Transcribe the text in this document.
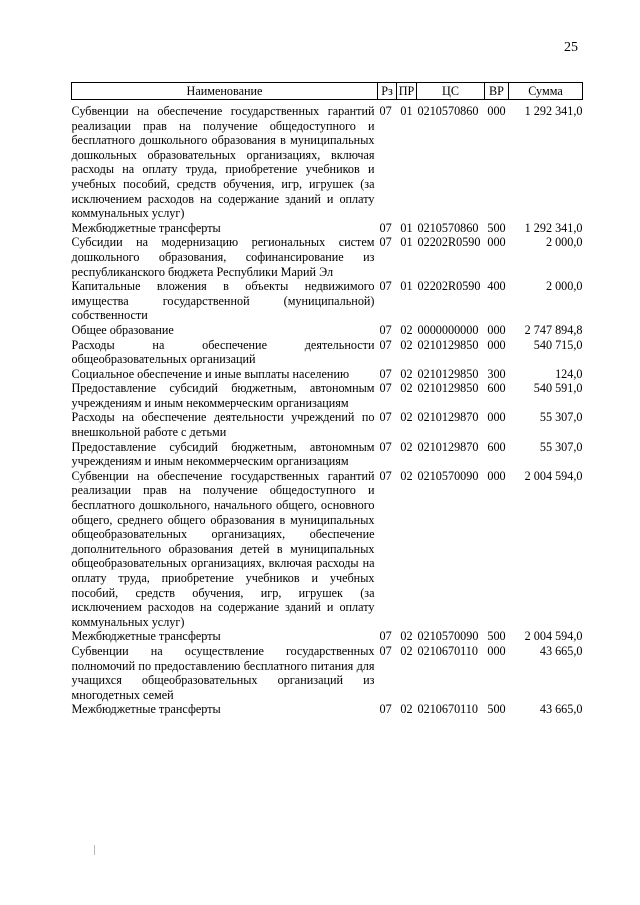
25
Наименование	Рз	ПР	ЦС	ВР	Сумма
Субвенции на обеспечение государственных гарантий реализации прав на получение общедоступного и бесплатного дошкольного образования в муниципальных дошкольных образовательных организациях, включая расходы на оплату труда, приобретение учебников и учебных пособий, средств обучения, игр, игрушек (за исключением расходов на содержание зданий и оплату коммунальных услуг)	07	01	0210570860	000	1 292 341,0
Межбюджетные трансферты	07	01	0210570860	500	1 292 341,0
Субсидии на модернизацию региональных систем дошкольного образования, софинансирование из республиканского бюджета Республики Марий Эл	07	01	02202R0590	000	2 000,0
Капитальные вложения в объекты недвижимого имущества государственной (муниципальной) собственности	07	01	02202R0590	400	2 000,0
Общее образование	07	02	0000000000	000	2 747 894,8
Расходы на обеспечение деятельности общеобразовательных организаций	07	02	0210129850	000	540 715,0
Социальное обеспечение и иные выплаты населению	07	02	0210129850	300	124,0
Предоставление субсидий бюджетным, автономным учреждениям и иным некоммерческим организациям	07	02	0210129850	600	540 591,0
Расходы на обеспечение деятельности учреждений по внешкольной работе с детьми	07	02	0210129870	000	55 307,0
Предоставление субсидий бюджетным, автономным учреждениям и иным некоммерческим организациям	07	02	0210129870	600	55 307,0
Субвенции на обеспечение государственных гарантий реализации прав на получение общедоступного и бесплатного дошкольного, начального общего, основного общего, среднего общего образования в муниципальных общеобразовательных организациях, обеспечение дополнительного образования детей в муниципальных общеобразовательных организациях, включая расходы на оплату труда, приобретение учебников и учебных пособий, средств обучения, игр, игрушек (за исключением расходов на содержание зданий и оплату коммунальных услуг)	07	02	0210570090	000	2 004 594,0
Межбюджетные трансферты	07	02	0210570090	500	2 004 594,0
Субвенции на осуществление государственных полномочий по предоставлению бесплатного питания для учащихся общеобразовательных организаций из многодетных семей	07	02	0210670110	000	43 665,0
Межбюджетные трансферты	07	02	0210670110	500	43 665,0
